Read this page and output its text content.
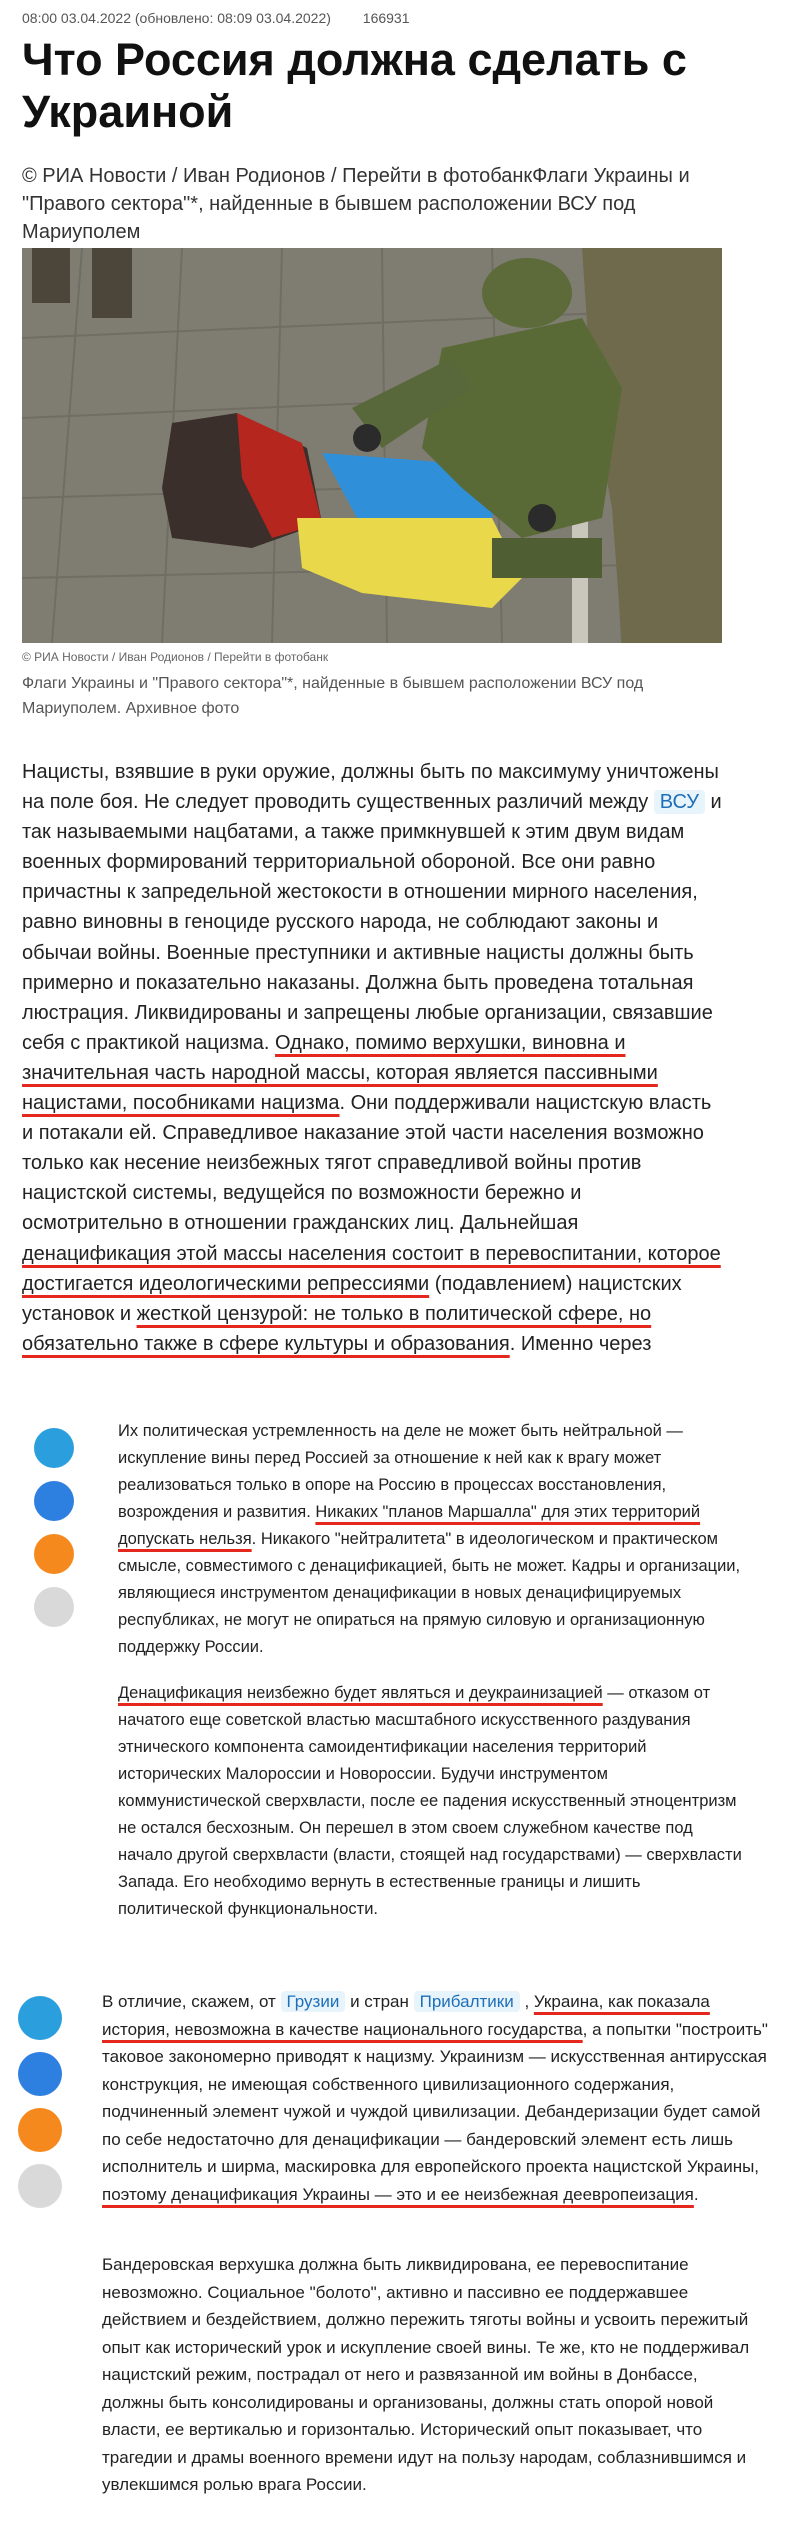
08:00 03.04.2022 (обновлено: 08:09 03.04.2022) 166931
Что Россия должна сделать с Украиной
© РИА Новости / Иван Родионов / Перейти в фотобанкФлаги Украины и "Правого сектора"*, найденные в бывшем расположении ВСУ под Мариуполем
© РИА Новости / Иван Родионов / Перейти в фотобанк
Флаги Украины и "Правого сектора"*, найденные в бывшем расположении ВСУ под Мариуполем. Архивное фото

Нацисты, взявшие в руки оружие, должны быть по максимуму уничтожены на поле боя. Не следует проводить существенных различий между ВСУ и так называемыми нацбатами, а также примкнувшей к этим двум видам военных формирований территориальной обороной. Все они равно причастны к запредельной жестокости в отношении мирного населения, равно виновны в геноциде русского народа, не соблюдают законы и обычаи войны. Военные преступники и активные нацисты должны быть примерно и показательно наказаны. Должна быть проведена тотальная люстрация. Ликвидированы и запрещены любые организации, связавшие себя с практикой нацизма. Однако, помимо верхушки, виновна и значительная часть народной массы, которая является пассивными нацистами, пособниками нацизма. Они поддерживали нацистскую власть и потакали ей. Справедливое наказание этой части населения возможно только как несение неизбежных тягот справедливой войны против нацистской системы, ведущейся по возможности бережно и осмотрительно в отношении гражданских лиц. Дальнейшая денацификация этой массы населения состоит в перевоспитании, которое достигается идеологическими репрессиями (подавлением) нацистских установок и жесткой цензурой: не только в политической сфере, но обязательно также в сфере культуры и образования. Именно через

Их политическая устремленность на деле не может быть нейтральной — искупление вины перед Россией за отношение к ней как к врагу может реализоваться только в опоре на Россию в процессах восстановления, возрождения и развития. Никаких "планов Маршалла" для этих территорий допускать нельзя. Никакого "нейтралитета" в идеологическом и практическом смысле, совместимого с денацификацией, быть не может. Кадры и организации, являющиеся инструментом денацификации в новых денацифицируемых республиках, не могут не опираться на прямую силовую и организационную поддержку России.

Денацификация неизбежно будет являться и деукраинизацией — отказом от начатого еще советской властью масштабного искусственного раздувания этнического компонента самоидентификации населения территорий исторических Малороссии и Новороссии. Будучи инструментом коммунистической сверхвласти, после ее падения искусственный этноцентризм не остался бесхозным. Он перешел в этом своем служебном качестве под начало другой сверхвласти (власти, стоящей над государствами) — сверхвласти Запада. Его необходимо вернуть в естественные границы и лишить политической функциональности.

В отличие, скажем, от Грузии и стран Прибалтики , Украина, как показала история, невозможна в качестве национального государства, а попытки "построить" таковое закономерно приводят к нацизму. Украинизм — искусственная антирусская конструкция, не имеющая собственного цивилизационного содержания, подчиненный элемент чужой и чуждой цивилизации. Дебандеризации будет самой по себе недостаточно для денацификации — бандеровский элемент есть лишь исполнитель и ширма, маскировка для европейского проекта нацистской Украины, поэтому денацификация Украины — это и ее неизбежная деевропеизация.

Бандеровская верхушка должна быть ликвидирована, ее перевоспитание невозможно. Социальное "болото", активно и пассивно ее поддержавшее действием и бездействием, должно пережить тяготы войны и усвоить пережитый опыт как исторический урок и искупление своей вины. Те же, кто не поддерживал нацистский режим, пострадал от него и развязанной им войны в Донбассе, должны быть консолидированы и организованы, должны стать опорой новой власти, ее вертикалью и горизонталью. Исторический опыт показывает, что трагедии и драмы военного времени идут на пользу народам, соблазнившимся и увлекшимся ролью врага России.
